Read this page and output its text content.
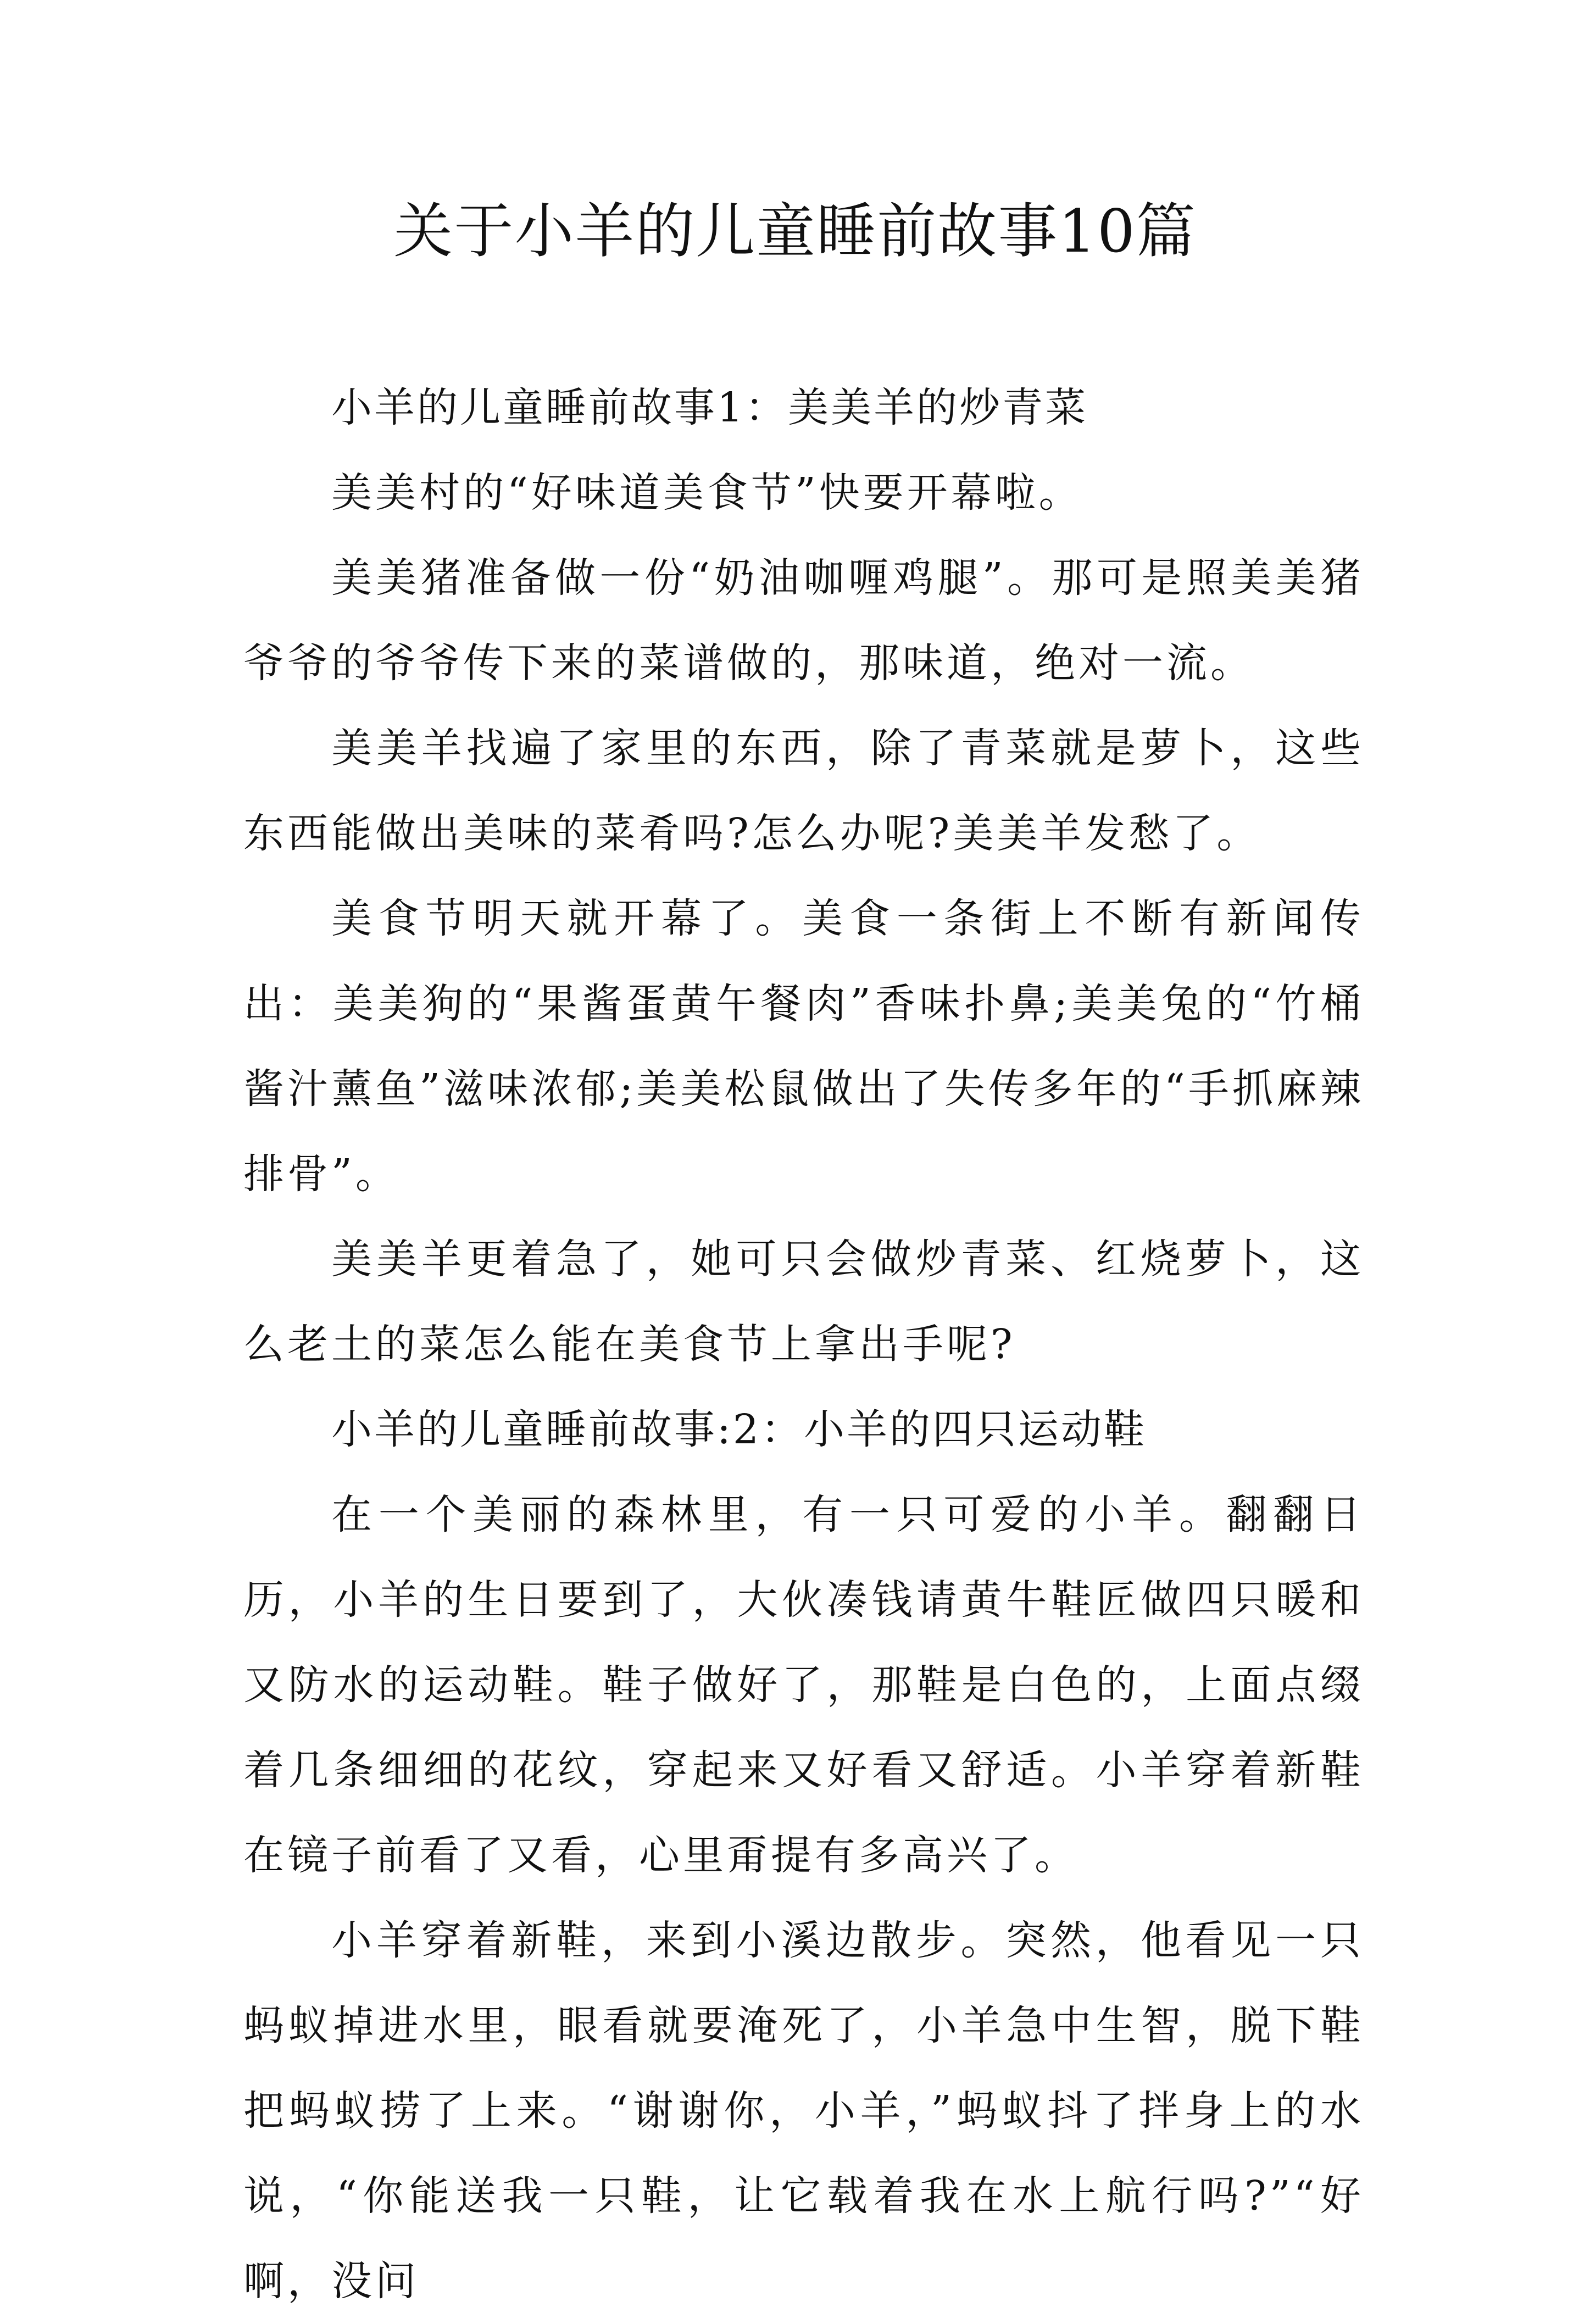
关于小羊的儿童睡前故事10篇

小羊的儿童睡前故事1：美美羊的炒青菜

美美村的“好味道美食节”快要开幕啦。

美美猪准备做一份“奶油咖喱鸡腿”。那可是照美美猪爷爷的爷爷传下来的菜谱做的，那味道，绝对一流。

美美羊找遍了家里的东西，除了青菜就是萝卜，这些东西能做出美味的菜肴吗?怎么办呢?美美羊发愁了。

美食节明天就开幕了。美食一条街上不断有新闻传出：美美狗的“果酱蛋黄午餐肉”香味扑鼻;美美兔的“竹桶酱汁薰鱼”滋味浓郁;美美松鼠做出了失传多年的“手抓麻辣排骨”。

美美羊更着急了，她可只会做炒青菜、红烧萝卜，这么老土的菜怎么能在美食节上拿出手呢?

小羊的儿童睡前故事:2：小羊的四只运动鞋

在一个美丽的森林里，有一只可爱的小羊。翻翻日历，小羊的生日要到了，大伙凑钱请黄牛鞋匠做四只暖和又防水的运动鞋。鞋子做好了，那鞋是白色的，上面点缀着几条细细的花纹，穿起来又好看又舒适。小羊穿着新鞋在镜子前看了又看，心里甭提有多高兴了。

小羊穿着新鞋，来到小溪边散步。突然，他看见一只蚂蚁掉进水里，眼看就要淹死了，小羊急中生智，脱下鞋把蚂蚁捞了上来。“谢谢你，小羊，”蚂蚁抖了拌身上的水说，“你能送我一只鞋，让它载着我在水上航行吗?”“好啊，没问
